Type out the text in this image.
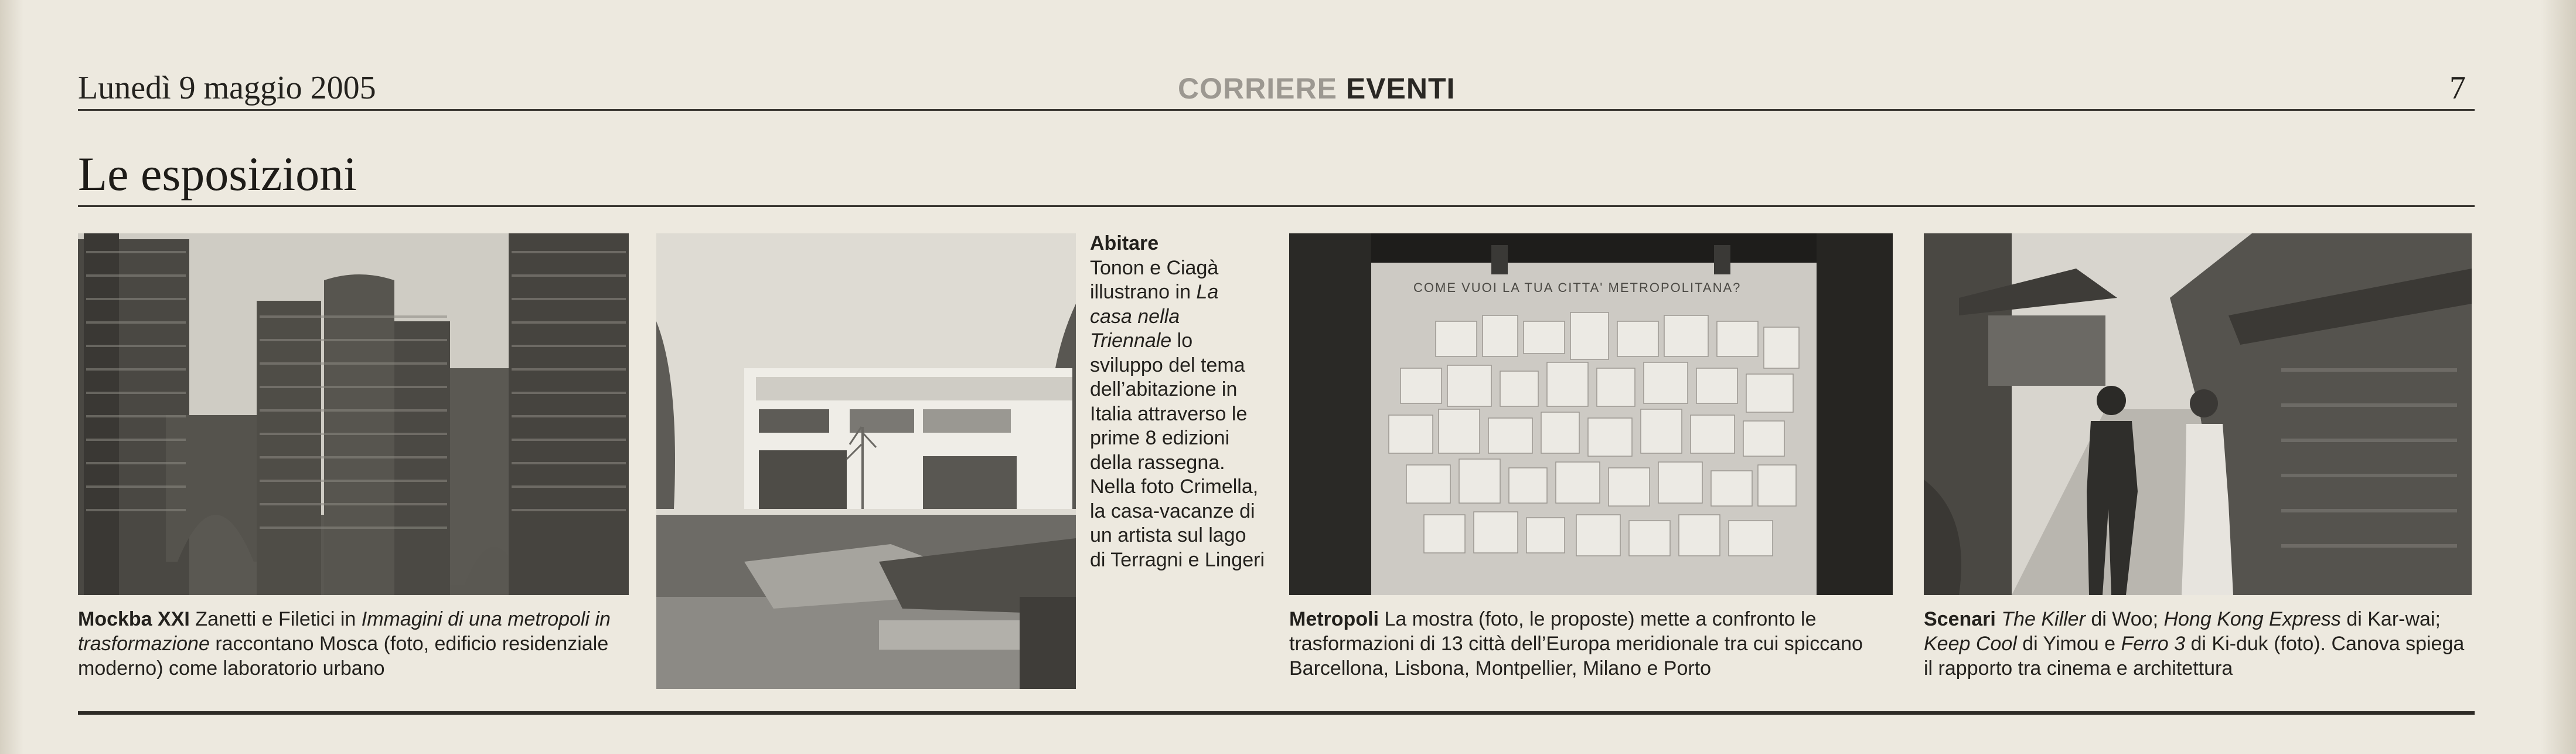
Lunedì 9 maggio 2005	CORRIERE EVENTI	7
Le esposizioni
COME VUOI LA TUA CITTA' METROPOLITANA?
Mockba XXI Zanetti e Filetici in Immagini di una metropoli in trasformazione raccontano Mosca (foto, edificio residenziale moderno) come laboratorio urbano
Abitare
Tonon e Ciagà illustrano in La casa nella Triennale lo sviluppo del tema dell’abitazione in Italia attraverso le prime 8 edizioni della rassegna. Nella foto Crimella, la casa-vacanze di un artista sul lago di Terragni e Lingeri
Metropoli La mostra (foto, le proposte) mette a confronto le trasformazioni di 13 città dell’Europa meridionale tra cui spiccano Barcellona, Lisbona, Montpellier, Milano e Porto
Scenari The Killer di Woo; Hong Kong Express di Kar-wai; Keep Cool di Yimou e Ferro 3 di Ki-duk (foto). Canova spiega il rapporto tra cinema e architettura
